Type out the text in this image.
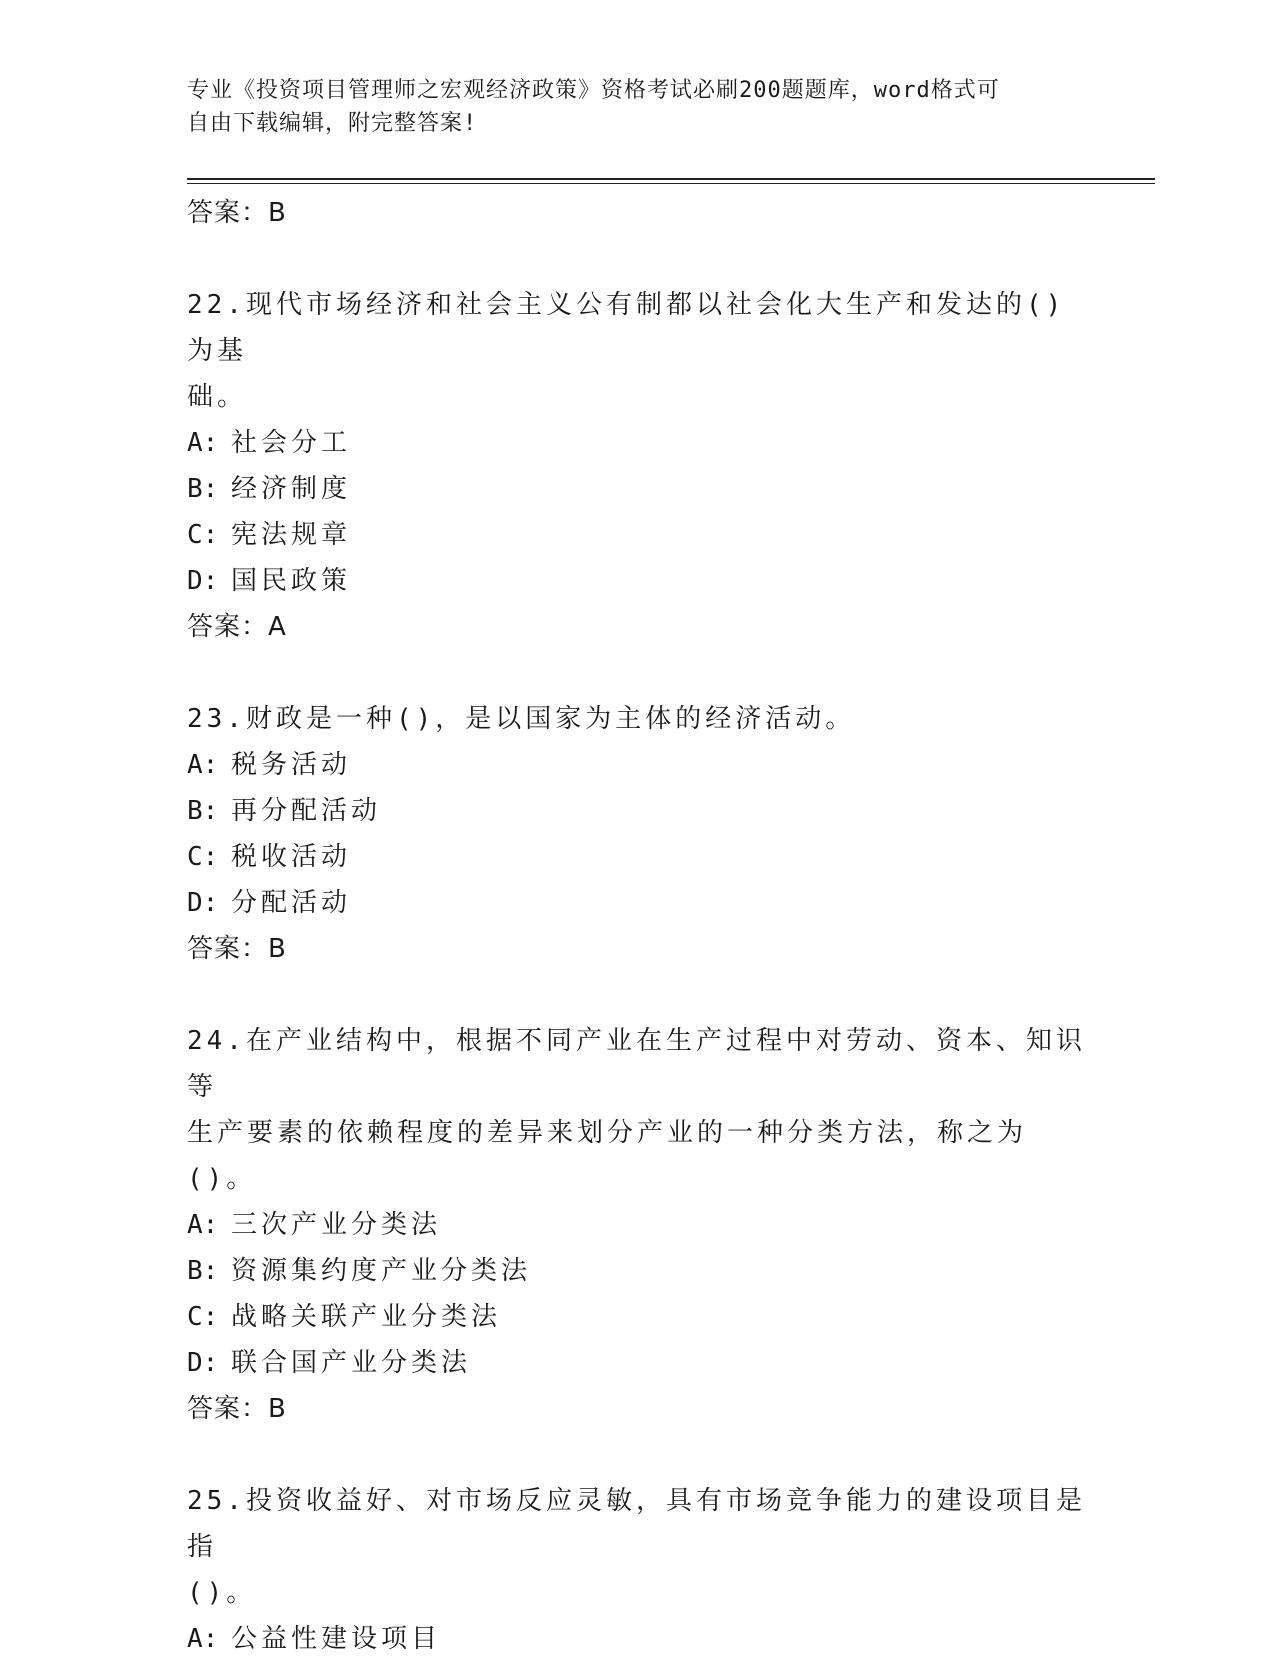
专业《投资项目管理师之宏观经济政策》资格考试必刷200题题库，word格式可
自由下载编辑，附完整答案!
答案：B
22.现代市场经济和社会主义公有制都以社会化大生产和发达的()为基
础。
A: 社会分工
B: 经济制度
C: 宪法规章
D: 国民政策
答案：A
23.财政是一种()，是以国家为主体的经济活动。
A: 税务活动
B: 再分配活动
C: 税收活动
D: 分配活动
答案：B
24.在产业结构中，根据不同产业在生产过程中对劳动、资本、知识等
生产要素的依赖程度的差异来划分产业的一种分类方法，称之为()。
A: 三次产业分类法
B: 资源集约度产业分类法
C: 战略关联产业分类法
D: 联合国产业分类法
答案：B
25.投资收益好、对市场反应灵敏，具有市场竞争能力的建设项目是指
()。
A: 公益性建设项目
